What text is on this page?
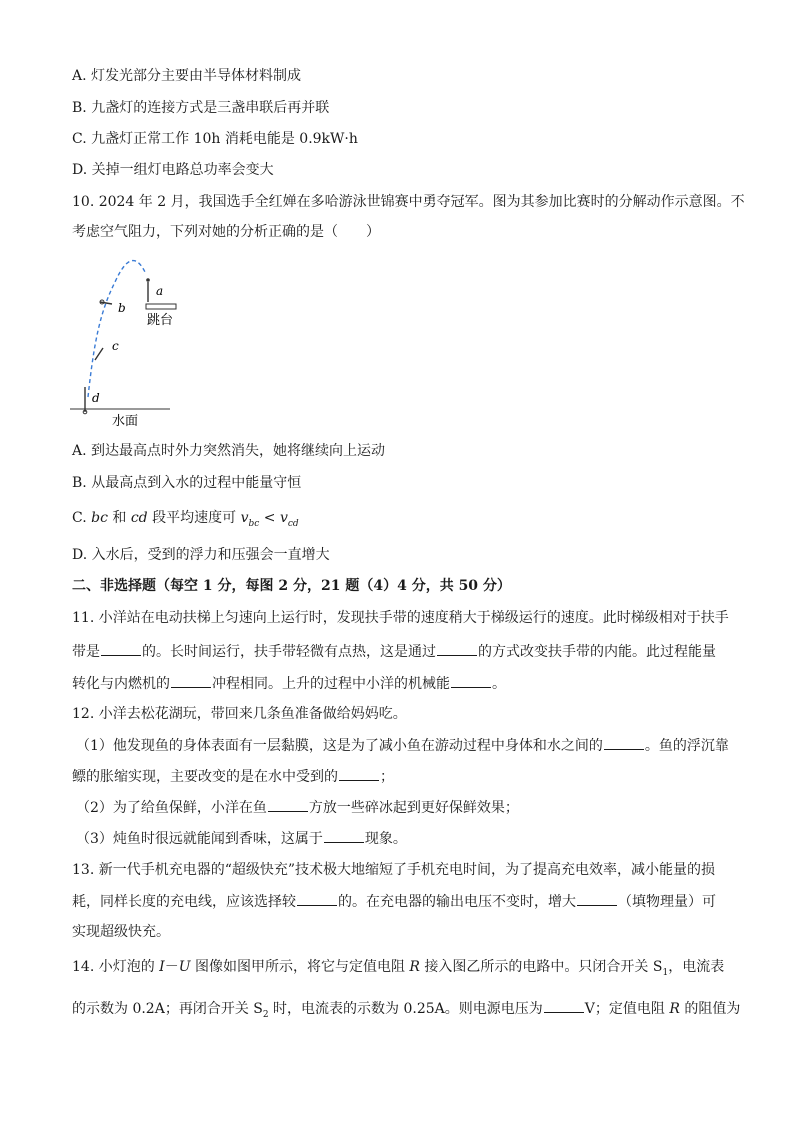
A. 灯发光部分主要由半导体材料制成
B. 九盏灯的连接方式是三盏串联后再并联
C. 九盏灯正常工作 10h 消耗电能是 0.9kW·h
D. 关掉一组灯电路总功率会变大
10. 2024 年 2 月，我国选手全红婵在多哈游泳世锦赛中勇夺冠军。图为其参加比赛时的分解动作示意图。不
考虑空气阻力，下列对她的分析正确的是（　　）
a
b
c
d
跳台
水面
A. 到达最高点时外力突然消失，她将继续向上运动
B. 从最高点到入水的过程中能量守恒
C. bc 和 cd 段平均速度可 $v_{bc} < v_{cd}$
D. 入水后，受到的浮力和压强会一直增大
二、非选择题（每空 1 分，每图 2 分，21 题（4）4 分，共 50 分）
11. 小洋站在电动扶梯上匀速向上运行时，发现扶手带的速度稍大于梯级运行的速度。此时梯级相对于扶手
带是	的。长时间运行，扶手带轻微有点热，这是通过	的方式改变扶手带的内能。此过程能量
转化与内燃机的	冲程相同。上升的过程中小洋的机械能	。
12. 小洋去松花湖玩，带回来几条鱼准备做给妈妈吃。
（1）他发现鱼的身体表面有一层黏膜，这是为了减小鱼在游动过程中身体和水之间的	。鱼的浮沉靠
鳔的胀缩实现，主要改变的是在水中受到的	；
（2）为了给鱼保鲜，小洋在鱼	方放一些碎冰起到更好保鲜效果；
（3）炖鱼时很远就能闻到香味，这属于	现象。
13. 新一代手机充电器的“超级快充”技术极大地缩短了手机充电时间，为了提高充电效率，减小能量的损
耗，同样长度的充电线，应该选择较	的。在充电器的输出电压不变时，增大	（填物理量）可
实现超级快充。
14. 小灯泡的 I－U 图像如图甲所示，将它与定值电阻 R 接入图乙所示的电路中。只闭合开关 $S_1$，电流表
的示数为 0.2A；再闭合开关 $S_2$ 时，电流表的示数为 0.25A。则电源电压为	V；定值电阻 R 的阻值为
